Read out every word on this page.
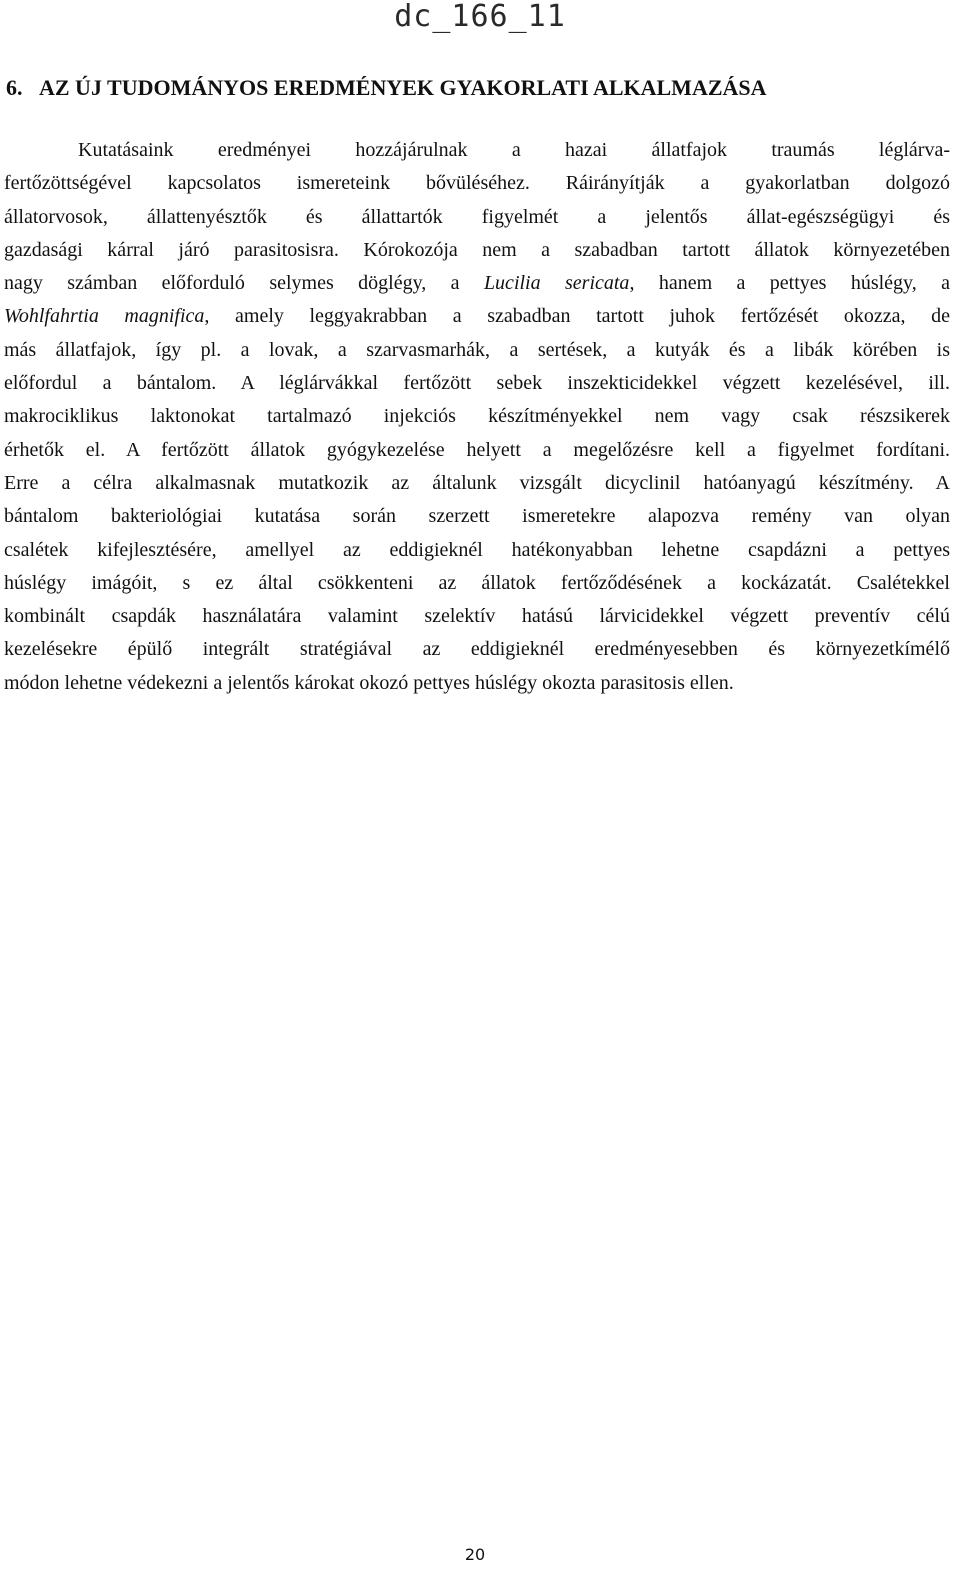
dc_166_11
6. AZ ÚJ TUDOMÁNYOS EREDMÉNYEK GYAKORLATI ALKALMAZÁSA
Kutatásaink eredményei hozzájárulnak a hazai állatfajok traumás léglárva-
fertőzöttségével kapcsolatos ismereteink bővüléséhez. Ráirányítják a gyakorlatban dolgozó
állatorvosok, állattenyésztők és állattartók figyelmét a jelentős állat-egészségügyi és
gazdasági kárral járó parasitosisra. Kórokozója nem a szabadban tartott állatok környezetében
nagy számban előforduló selymes döglégy, a Lucilia sericata, hanem a pettyes húslégy, a
Wohlfahrtia magnifica, amely leggyakrabban a szabadban tartott juhok fertőzését okozza, de
más állatfajok, így pl. a lovak, a szarvasmarhák, a sertések, a kutyák és a libák körében is
előfordul a bántalom. A léglárvákkal fertőzött sebek inszekticidekkel végzett kezelésével, ill.
makrociklikus laktonokat tartalmazó injekciós készítményekkel nem vagy csak részsikerek
érhetők el. A fertőzött állatok gyógykezelése helyett a megelőzésre kell a figyelmet fordítani.
Erre a célra alkalmasnak mutatkozik az általunk vizsgált dicyclinil hatóanyagú készítmény. A
bántalom bakteriológiai kutatása során szerzett ismeretekre alapozva remény van olyan
csalétek kifejlesztésére, amellyel az eddigieknél hatékonyabban lehetne csapdázni a pettyes
húslégy imágóit, s ez által csökkenteni az állatok fertőződésének a kockázatát. Csalétekkel
kombinált csapdák használatára valamint szelektív hatású lárvicidekkel végzett preventív célú
kezelésekre épülő integrált stratégiával az eddigieknél eredményesebben és környezetkímélő
módon lehetne védekezni a jelentős károkat okozó pettyes húslégy okozta parasitosis ellen.
20
